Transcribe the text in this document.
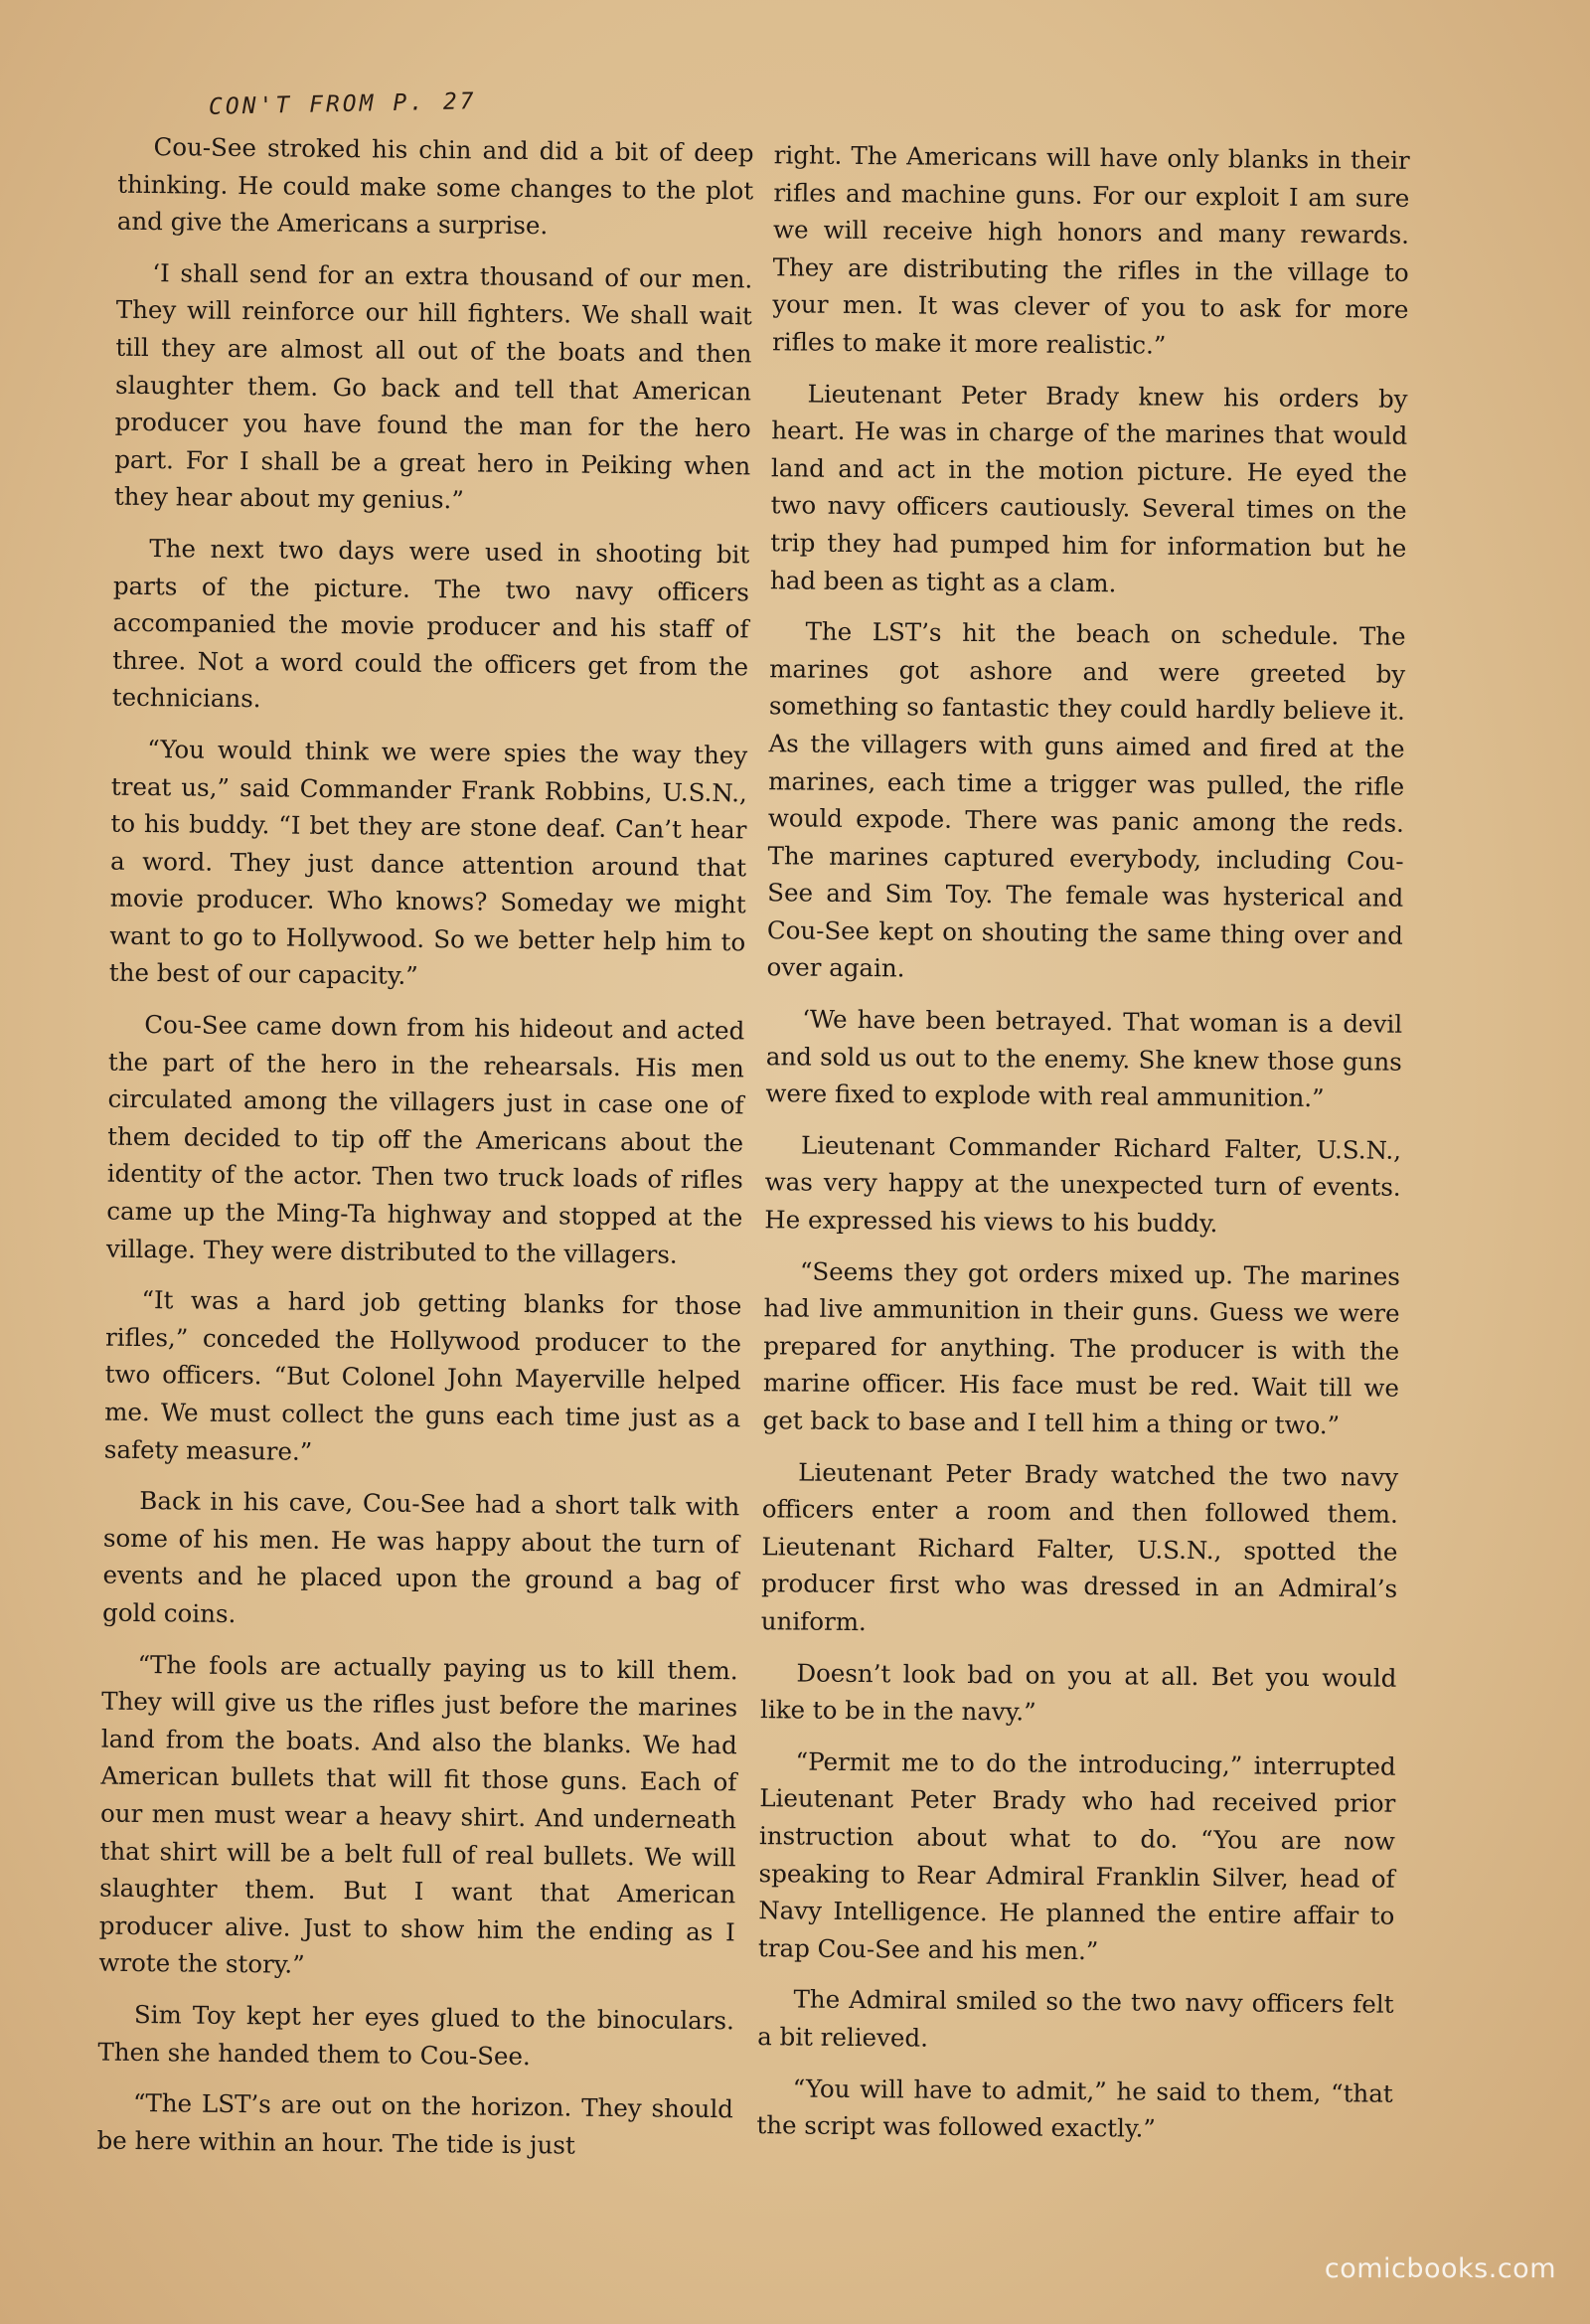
CON'T FROM P. 27

Cou-See stroked his chin and did a bit of deep thinking. He could make some changes to the plot and give the Americans a surprise.

‘I shall send for an extra thousand of our men. They will reinforce our hill fighters. We shall wait till they are almost all out of the boats and then slaughter them. Go back and tell that American producer you have found the man for the hero part. For I shall be a great hero in Peiking when they hear about my genius.”

The next two days were used in shooting bit parts of the picture. The two navy officers accompanied the movie producer and his staff of three. Not a word could the officers get from the technicians.

“You would think we were spies the way they treat us,” said Commander Frank Robbins, U.S.N., to his buddy. “I bet they are stone deaf. Can’t hear a word. They just dance attention around that movie producer. Who knows? Someday we might want to go to Hollywood. So we better help him to the best of our capacity.”

Cou-See came down from his hideout and acted the part of the hero in the rehearsals. His men circulated among the villagers just in case one of them decided to tip off the Americans about the identity of the actor. Then two truck loads of rifles came up the Ming-Ta highway and stopped at the village. They were distributed to the villagers.

“It was a hard job getting blanks for those rifles,” conceded the Hollywood producer to the two officers. “But Colonel John Mayerville helped me. We must collect the guns each time just as a safety measure.”

Back in his cave, Cou-See had a short talk with some of his men. He was happy about the turn of events and he placed upon the ground a bag of gold coins.

“The fools are actually paying us to kill them. They will give us the rifles just before the marines land from the boats. And also the blanks. We had American bullets that will fit those guns. Each of our men must wear a heavy shirt. And underneath that shirt will be a belt full of real bullets. We will slaughter them. But I want that American producer alive. Just to show him the ending as I wrote the story.”

Sim Toy kept her eyes glued to the binoculars. Then she handed them to Cou-See.

“The LST’s are out on the horizon. They should be here within an hour. The tide is just

right. The Americans will have only blanks in their rifles and machine guns. For our exploit I am sure we will receive high honors and many rewards. They are distributing the rifles in the village to your men. It was clever of you to ask for more rifles to make it more realistic.”

Lieutenant Peter Brady knew his orders by heart. He was in charge of the marines that would land and act in the motion picture. He eyed the two navy officers cautiously. Several times on the trip they had pumped him for information but he had been as tight as a clam.

The LST’s hit the beach on schedule. The marines got ashore and were greeted by something so fantastic they could hardly believe it. As the villagers with guns aimed and fired at the marines, each time a trigger was pulled, the rifle would expode. There was panic among the reds. The marines captured everybody, including Cou-See and Sim Toy. The female was hysterical and Cou-See kept on shouting the same thing over and over again.

‘We have been betrayed. That woman is a devil and sold us out to the enemy. She knew those guns were fixed to explode with real ammunition.”

Lieutenant Commander Richard Falter, U.S.N., was very happy at the unexpected turn of events. He expressed his views to his buddy.

“Seems they got orders mixed up. The marines had live ammunition in their guns. Guess we were prepared for anything. The producer is with the marine officer. His face must be red. Wait till we get back to base and I tell him a thing or two.”

Lieutenant Peter Brady watched the two navy officers enter a room and then followed them. Lieutenant Richard Falter, U.S.N., spotted the producer first who was dressed in an Admiral’s uniform.

Doesn’t look bad on you at all. Bet you would like to be in the navy.”

“Permit me to do the introducing,” interrupted Lieutenant Peter Brady who had received prior instruction about what to do. “You are now speaking to Rear Admiral Franklin Silver, head of Navy Intelligence. He planned the entire affair to trap Cou-See and his men.”

The Admiral smiled so the two navy officers felt a bit relieved.

“You will have to admit,” he said to them, “that the script was followed exactly.”

comicbooks.com
